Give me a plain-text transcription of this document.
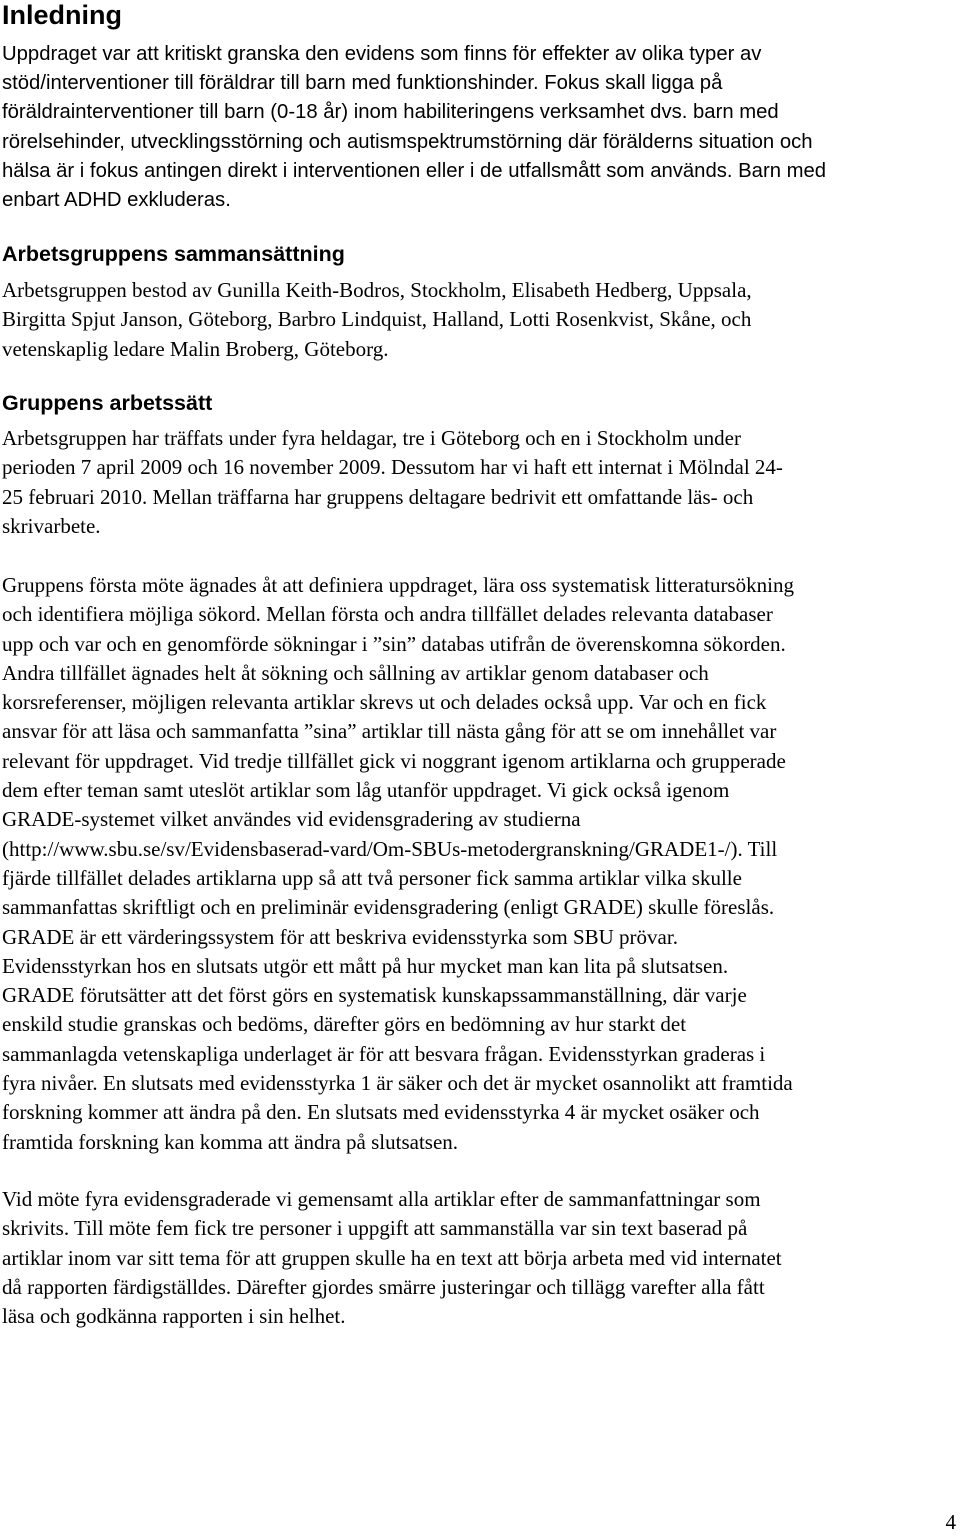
Inledning
Uppdraget var att kritiskt granska den evidens som finns för effekter av olika typer av
stöd/interventioner till föräldrar till barn med funktionshinder. Fokus skall ligga på
föräldrainterventioner till barn (0-18 år) inom habiliteringens verksamhet dvs. barn med
rörelsehinder, utvecklingsstörning och autismspektrumstörning där förälderns situation och
hälsa är i fokus antingen direkt i interventionen eller i de utfallsmått som används. Barn med
enbart ADHD exkluderas.
Arbetsgruppens sammansättning
Arbetsgruppen bestod av Gunilla Keith-Bodros, Stockholm, Elisabeth Hedberg, Uppsala,
Birgitta Spjut Janson, Göteborg, Barbro Lindquist, Halland, Lotti Rosenkvist, Skåne, och
vetenskaplig ledare Malin Broberg, Göteborg.
Gruppens arbetssätt
Arbetsgruppen har träffats under fyra heldagar, tre i Göteborg och en i Stockholm under
perioden 7 april 2009 och 16 november 2009. Dessutom har vi haft ett internat i Mölndal 24-
25 februari 2010. Mellan träffarna har gruppens deltagare bedrivit ett omfattande läs- och
skrivarbete.
Gruppens första möte ägnades åt att definiera uppdraget, lära oss systematisk litteratursökning
och identifiera möjliga sökord. Mellan första och andra tillfället delades relevanta databaser
upp och var och en genomförde sökningar i ”sin” databas utifrån de överenskomna sökorden.
Andra tillfället ägnades helt åt sökning och sållning av artiklar genom databaser och
korsreferenser, möjligen relevanta artiklar skrevs ut och delades också upp. Var och en fick
ansvar för att läsa och sammanfatta ”sina” artiklar till nästa gång för att se om innehållet var
relevant för uppdraget. Vid tredje tillfället gick vi noggrant igenom artiklarna och grupperade
dem efter teman samt uteslöt artiklar som låg utanför uppdraget. Vi gick också igenom
GRADE-systemet vilket användes vid evidensgradering av studierna
(http://www.sbu.se/sv/Evidensbaserad-vard/Om-SBUs-metodergranskning/GRADE1-/). Till
fjärde tillfället delades artiklarna upp så att två personer fick samma artiklar vilka skulle
sammanfattas skriftligt och en preliminär evidensgradering (enligt GRADE) skulle föreslås.
GRADE är ett värderingssystem för att beskriva evidensstyrka som SBU prövar.
Evidensstyrkan hos en slutsats utgör ett mått på hur mycket man kan lita på slutsatsen.
GRADE förutsätter att det först görs en systematisk kunskapssammanställning, där varje
enskild studie granskas och bedöms, därefter görs en bedömning av hur starkt det
sammanlagda vetenskapliga underlaget är för att besvara frågan. Evidensstyrkan graderas i
fyra nivåer. En slutsats med evidensstyrka 1 är säker och det är mycket osannolikt att framtida
forskning kommer att ändra på den. En slutsats med evidensstyrka 4 är mycket osäker och
framtida forskning kan komma att ändra på slutsatsen.
Vid möte fyra evidensgraderade vi gemensamt alla artiklar efter de sammanfattningar som
skrivits. Till möte fem fick tre personer i uppgift att sammanställa var sin text baserad på
artiklar inom var sitt tema för att gruppen skulle ha en text att börja arbeta med vid internatet
då rapporten färdigställdes. Därefter gjordes smärre justeringar och tillägg varefter alla fått
läsa och godkänna rapporten i sin helhet.
4
